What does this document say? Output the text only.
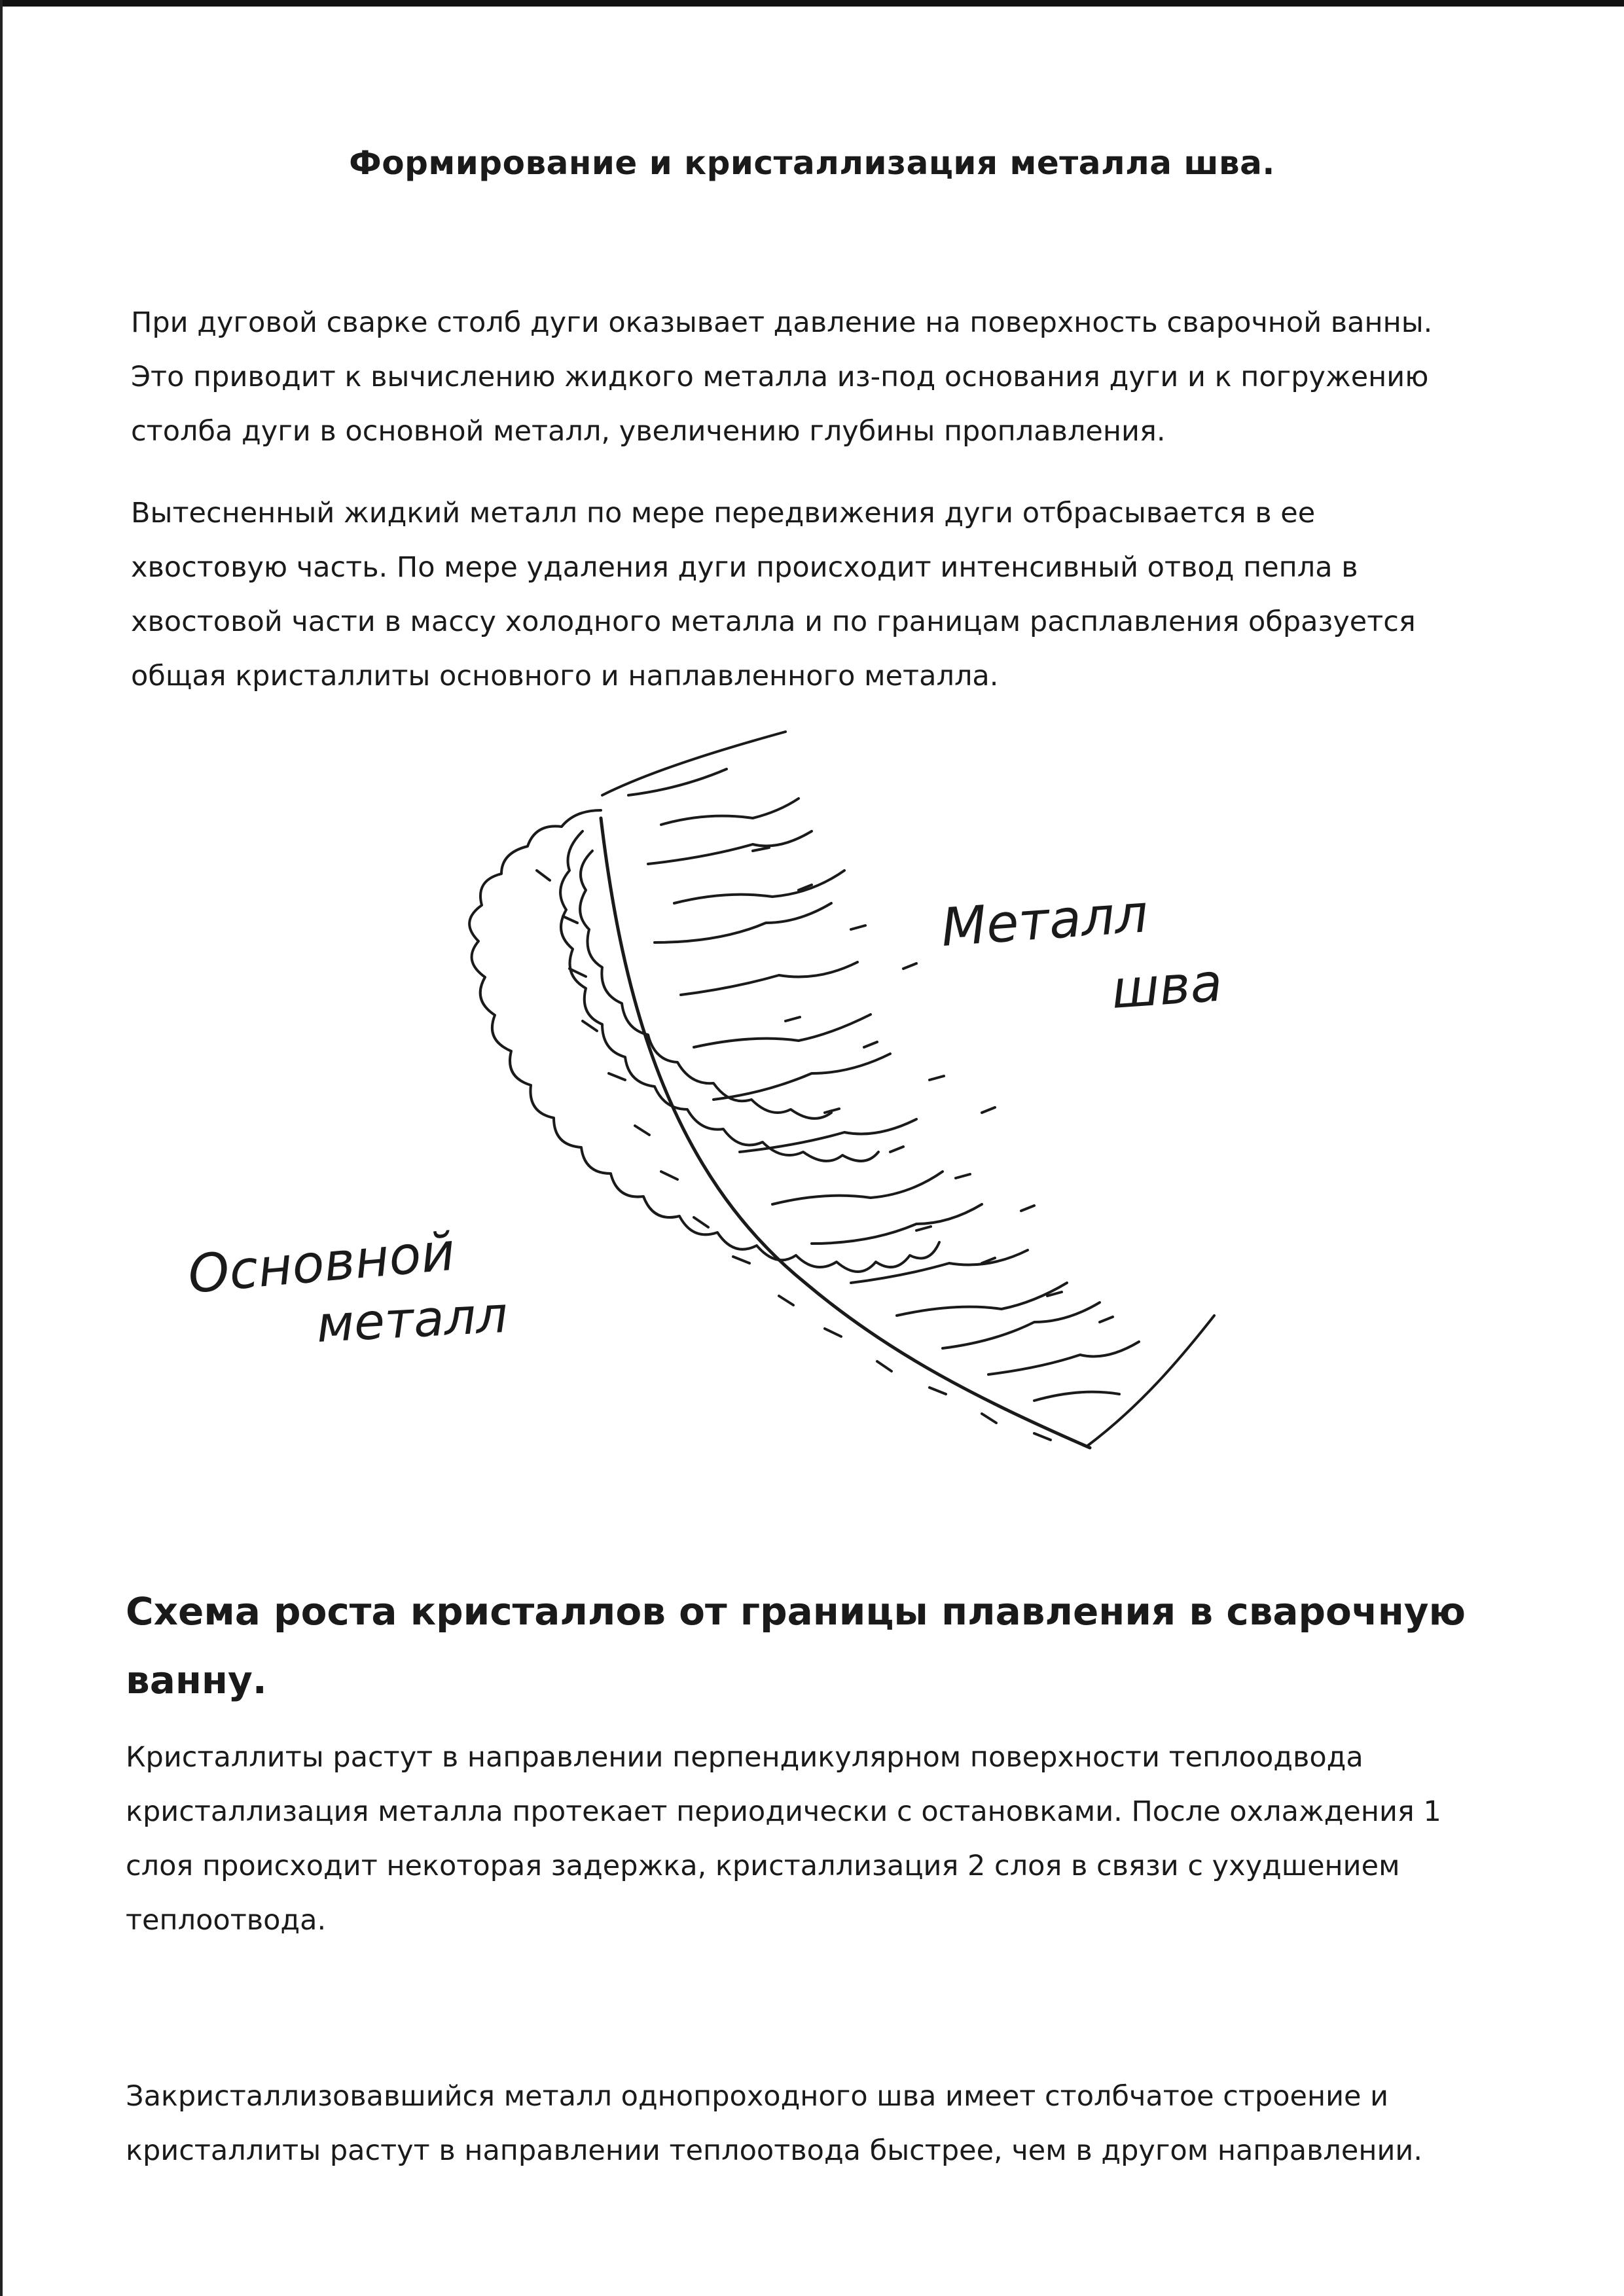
Формирование и кристаллизация металла шва.

При дуговой сварке столб дуги оказывает давление на поверхность сварочной ванны.
Это приводит к вычислению жидкого металла из-под основания дуги и к погружению
столба дуги в основной металл, увеличению глубины проплавления.

Вытесненный жидкий металл по мере передвижения дуги отбрасывается в ее
хвостовую часть. По мере удаления дуги происходит интенсивный отвод пепла в
хвостовой части в массу холодного металла и по границам расплавления образуется
общая кристаллиты основного и наплавленного металла.

Металл
шва
Основной
металл
Схема роста кристаллов от границы плавления в сварочную
ванну.

Кристаллиты растут в направлении перпендикулярном поверхности теплоодвода
кристаллизация металла протекает периодически с остановками. После охлаждения 1
слоя происходит некоторая задержка, кристаллизация 2 слоя в связи с ухудшением
теплоотвода.

Закристаллизовавшийся металл однопроходного шва имеет столбчатое строение и
кристаллиты растут в направлении теплоотвода быстрее, чем в другом направлении.
